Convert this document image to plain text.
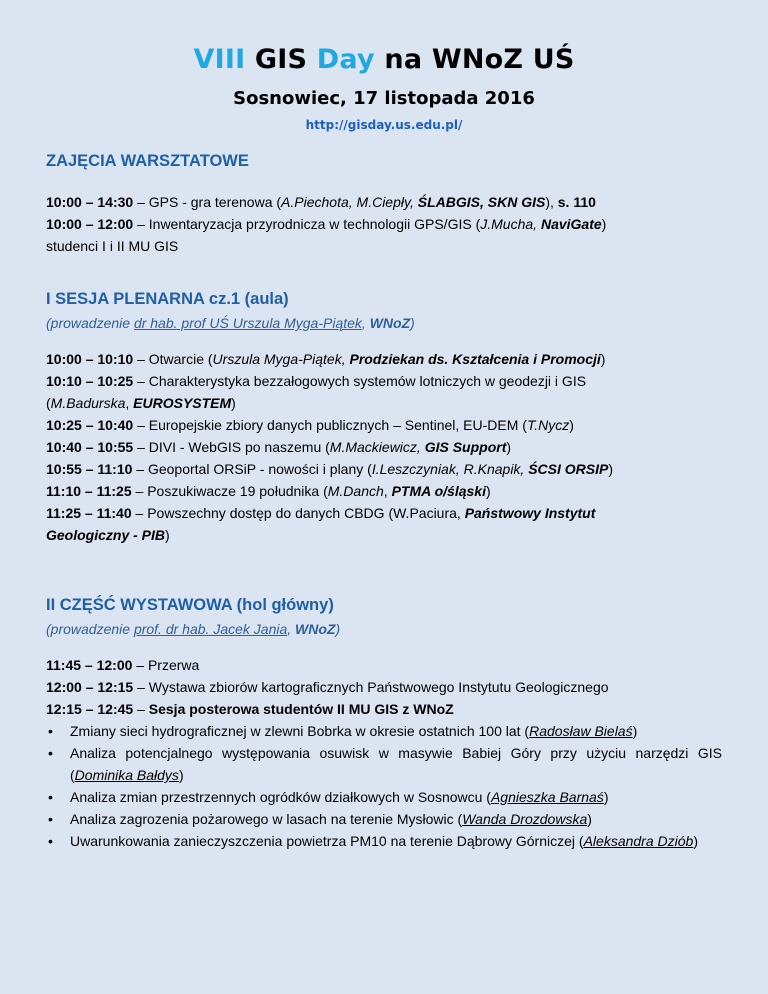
VIII GIS Day na WNoZ UŚ
Sosnowiec, 17 listopada 2016
http://gisday.us.edu.pl/
ZAJĘCIA WARSZTATOWE

10:00 – 14:30 – GPS - gra terenowa (A.Piechota, M.Ciepły, ŚLABGIS, SKN GIS), s. 110

10:00 – 12:00 – Inwentaryzacja przyrodnicza w technologii GPS/GIS (J.Mucha, NaviGate)

studenci I i II MU GIS

I SESJA PLENARNA cz.1 (aula)

(prowadzenie dr hab. prof UŚ Urszula Myga-Piątek, WNoZ)

10:00 – 10:10 – Otwarcie (Urszula Myga-Piątek, Prodziekan ds. Kształcenia i Promocji)

10:10 – 10:25 – Charakterystyka bezzałogowych systemów lotniczych w geodezji i GIS

(M.Badurska, EUROSYSTEM)

10:25 – 10:40 – Europejskie zbiory danych publicznych – Sentinel, EU-DEM (T.Nycz)

10:40 – 10:55 – DIVI - WebGIS po naszemu (M.Mackiewicz, GIS Support)

10:55 – 11:10 – Geoportal ORSiP - nowości i plany (I.Leszczyniak, R.Knapik, ŚCSI ORSIP)

11:10 – 11:25 – Poszukiwacze 19 południka (M.Danch, PTMA o/śląski)

11:25 – 11:40 – Powszechny dostęp do danych CBDG (W.Paciura, Państwowy Instytut

Geologiczny - PIB)

II CZĘŚĆ WYSTAWOWA (hol główny)

(prowadzenie prof. dr hab. Jacek Jania, WNoZ)

11:45 – 12:00 – Przerwa

12:00 – 12:15 – Wystawa zbiorów kartograficznych Państwowego Instytutu Geologicznego

12:15 – 12:45 – Sesja posterowa studentów II MU GIS z WNoZ

• Zmiany sieci hydrograficznej w zlewni Bobrka w okresie ostatnich 100 lat (Radosław Bielaś)
• Analiza potencjalnego występowania osuwisk w masywie Babiej Góry przy użyciu narzędzi GIS (Dominika Bałdys)
• Analiza zmian przestrzennych ogródków działkowych w Sosnowcu (Agnieszka Barnaś)
• Analiza zagrozenia pożarowego w lasach na terenie Mysłowic (Wanda Drozdowska)
• Uwarunkowania zanieczyszczenia powietrza PM10 na terenie Dąbrowy Górniczej (Aleksandra Dziób)
